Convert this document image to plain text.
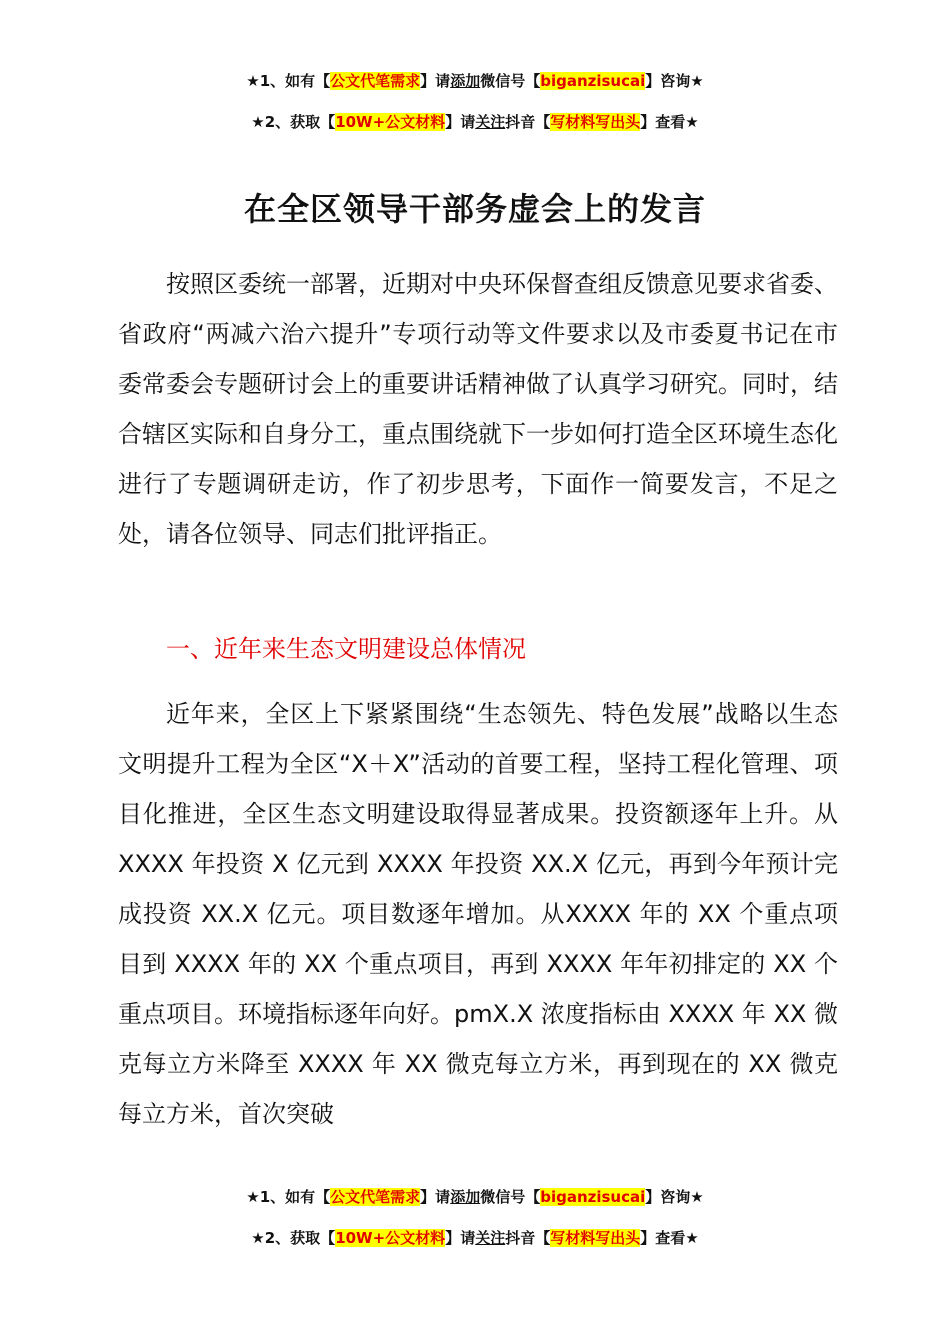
★1、如有【公文代笔需求】请添加微信号【biganzisucai】咨询★
★2、获取【10W+公文材料】请关注抖音【写材料写出头】查看★
在全区领导干部务虚会上的发言

按照区委统一部署，近期对中央环保督查组反馈意见要求省委、省政府“两减六治六提升”专项行动等文件要求以及市委夏书记在市委常委会专题研讨会上的重要讲话精神做了认真学习研究。同时，结合辖区实际和自身分工，重点围绕就下一步如何打造全区环境生态化进行了专题调研走访，作了初步思考，下面作一简要发言，不足之处，请各位领导、同志们批评指正。

一、近年来生态文明建设总体情况

近年来，全区上下紧紧围绕“生态领先、特色发展”战略以生态文明提升工程为全区“X＋X”活动的首要工程，坚持工程化管理、项目化推进，全区生态文明建设取得显著成果。投资额逐年上升。从 XXXX 年投资 X 亿元到 XXXX 年投资 XX.X 亿元，再到今年预计完成投资 XX.X 亿元。项目数逐年增加。从XXXX 年的 XX 个重点项目到 XXXX 年的 XX 个重点项目，再到 XXXX 年年初排定的 XX 个重点项目。环境指标逐年向好。pmX.X 浓度指标由 XXXX 年 XX 微克每立方米降至 XXXX 年 XX 微克每立方米，再到现在的 XX 微克每立方米，首次突破

★1、如有【公文代笔需求】请添加微信号【biganzisucai】咨询★
★2、获取【10W+公文材料】请关注抖音【写材料写出头】查看★
